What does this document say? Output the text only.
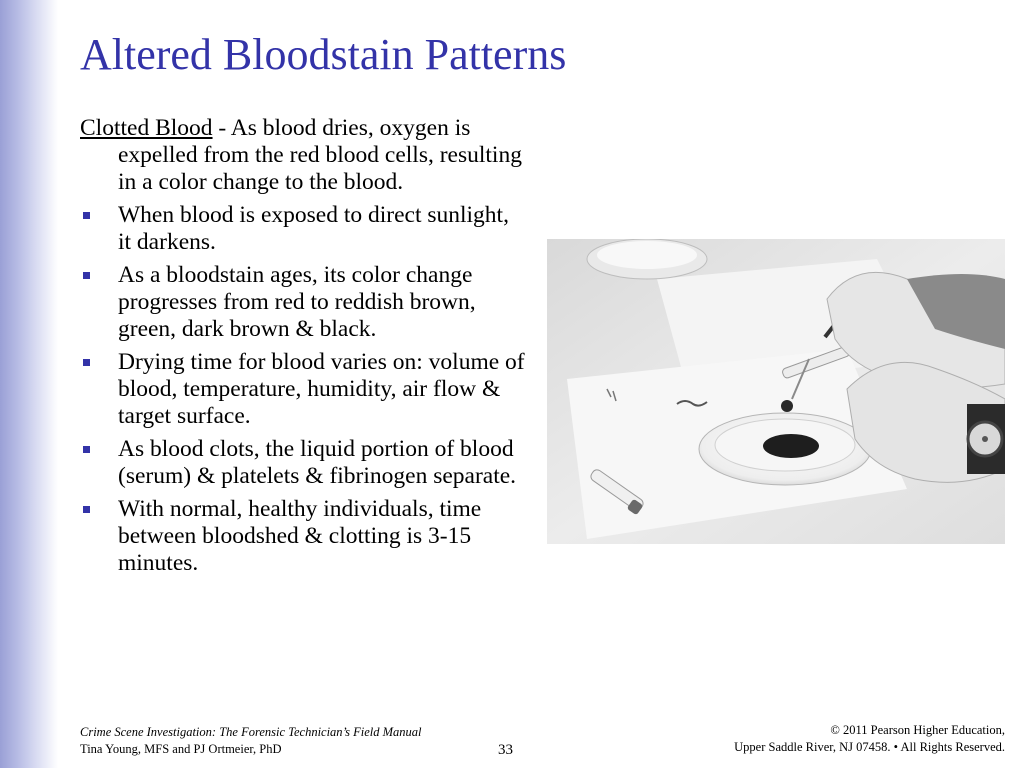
Altered Bloodstain Patterns

Clotted Blood - As blood dries, oxygen is expelled from the red blood cells, resulting in a color change to the blood.

When blood is exposed to direct sunlight, it darkens.
As a bloodstain ages, its color change progresses from red to reddish brown, green, dark brown & black.
Drying time for blood varies on: volume of blood, temperature, humidity, air flow & target surface.
As blood clots, the liquid portion of blood (serum) & platelets & fibrinogen separate.
With normal, healthy individuals, time between bloodshed & clotting is 3-15 minutes.
Crime Scene Investigation: The Forensic Technician’s Field Manual
Tina Young, MFS and PJ Ortmeier, PhD	33
© 2011 Pearson Higher Education,
Upper Saddle River, NJ 07458. • All Rights Reserved.
